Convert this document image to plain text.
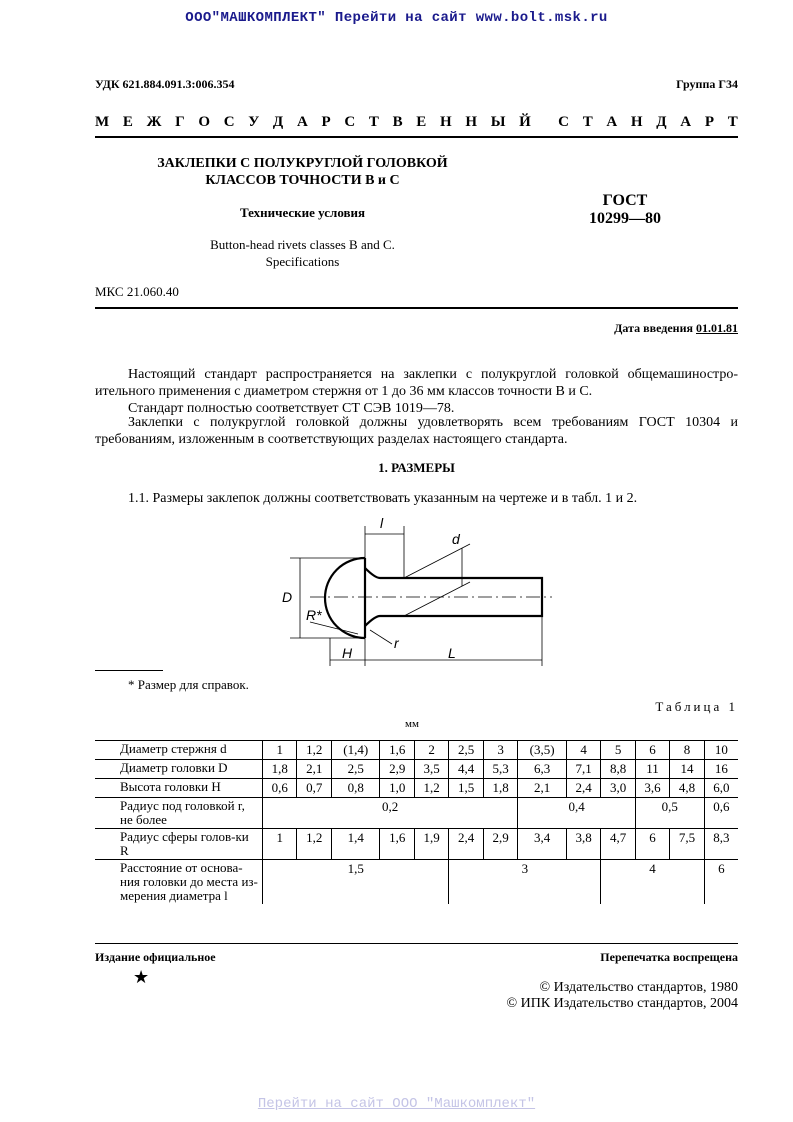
ООО"МАШКОМПЛЕКТ" Перейти на сайт www.bolt.msk.ru
УДК 621.884.091.3:006.354	Группа Г34
М Е Ж Г О С У Д А Р С Т В Е Н Н Ы Й С Т А Н Д А Р Т
ЗАКЛЕПКИ С ПОЛУКРУГЛОЙ ГОЛОВКОЙ
КЛАССОВ ТОЧНОСТИ В и С
Технические условия
Button-head rivets classes B and C.
Specifications
ГОСТ
10299—80
МКС 21.060.40
Дата введения 01.01.81
Настоящий стандарт распространяется на заклепки с полукруглой головкой общемашиностро-ительного применения с диаметром стержня от 1 до 36 мм классов точности В и С.
Стандарт полностью соответствует СТ СЭВ 1019—78.
Заклепки с полукруглой головкой должны удовлетворять всем требованиям ГОСТ 10304 и требованиям, изложенным в соответствующих разделах настоящего стандарта.
1. РАЗМЕРЫ
1.1. Размеры заклепок должны соответствовать указанным на чертеже и в табл. 1 и 2.
l
d
D
R*
r
H	L
* Размер для справок.
Таблица 1
мм
Диаметр стержня d	1	1,2	(1,4)	1,6	2	2,5	3	(3,5)	4	5	6	8	10
Диаметр головки D	1,8	2,1	2,5	2,9	3,5	4,4	5,3	6,3	7,1	8,8	11	14	16
Высота головки H	0,6	0,7	0,8	1,0	1,2	1,5	1,8	2,1	2,4	3,0	3,6	4,8	6,0
Радиус под головкой r, не более	0,2							0,4			0,5		0,6
Радиус сферы голов-ки R	1	1,2	1,4	1,6	1,9	2,4	2,9	3,4	3,8	4,7	6	7,5	8,3
Расстояние от основа-ния головки до места из-мерения диаметра l	1,5					3				4			6
Издание официальное	Перепечатка воспрещена
★
© Издательство стандартов, 1980
© ИПК Издательство стандартов, 2004
Перейти на сайт ООО "Машкомплект"
